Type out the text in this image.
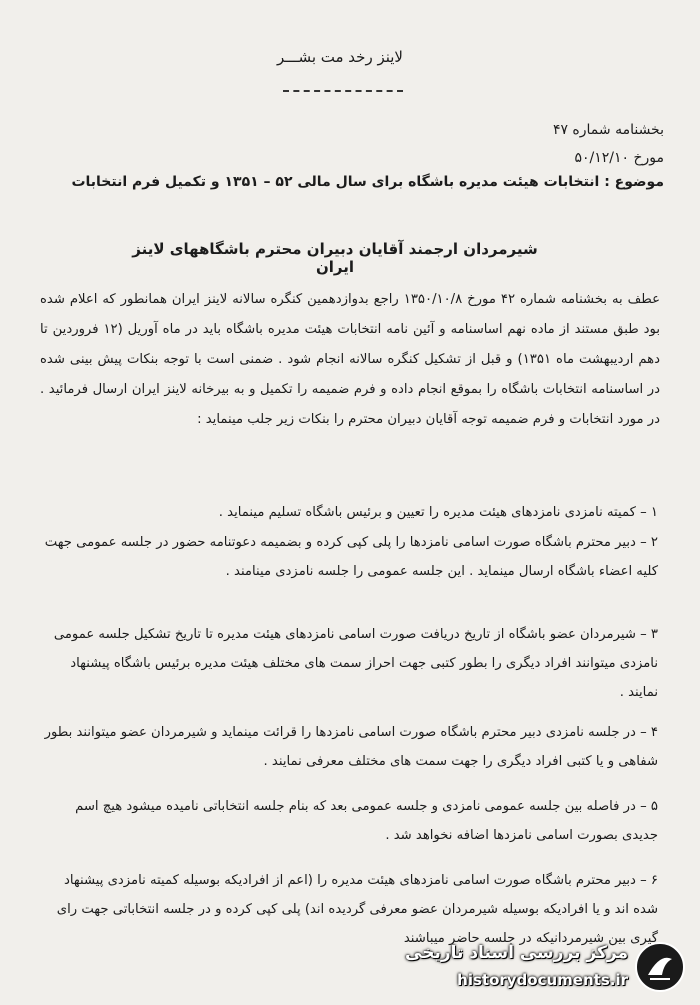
لاینز رخد مت بشـــر
بخشنامه شماره ۴۷
مورخ ۵۰/۱۲/۱۰
موضوع : انتخابات هیئت مدیره باشگاه برای سال مالی ۵۲ – ۱۳۵۱ و تکمیل فرم انتخابات
شیرمردان ارجمند آقایان دبیران محترم باشگاههای لاینز ایران

عطف به بخشنامه شماره ۴۲ مورخ ۱۳۵۰/۱۰/۸ راجع بدوازدهمین کنگره سالانه لاینز ایران همانطور که اعلام شده بود طبق مستند از ماده نهم اساسنامه و آئین نامه انتخابات هیئت مدیره باشگاه باید در ماه آوریل (۱۲ فروردین تا دهم اردیبهشت ماه ۱۳۵۱) و قبل از تشکیل کنگره سالانه انجام شود . ضمنی است با توجه بنکات پیش بینی شده در اساسنامه انتخابات باشگاه را بموقع انجام داده و فرم ضمیمه را تکمیل و به بیرخانه لاینز ایران ارسال فرمائید . در مورد انتخابات و فرم ضمیمه توجه آقایان دبیران محترم را بنکات زیر جلب مینماید :

۱ – کمیته نامزدی نامزدهای هیئت مدیره را تعیین و برئیس باشگاه تسلیم مینماید .

۲ – دبیر محترم باشگاه صورت اسامی نامزدها را پلی کپی کرده و بضمیمه دعوتنامه حضور در جلسه عمومی جهت کلیه اعضاء باشگاه ارسال مینماید . این جلسه عمومی را جلسه نامزدی مینامند .

۳ – شیرمردان عضو باشگاه از تاریخ دریافت صورت اسامی نامزدهای هیئت مدیره تا تاریخ تشکیل جلسه عمومی نامزدی میتوانند افراد دیگری را بطور کتبی جهت احراز سمت های مختلف هیئت مدیره برئیس باشگاه پیشنهاد نمایند .

۴ – در جلسه نامزدی دبیر محترم باشگاه صورت اسامی نامزدها را قرائت مینماید و شیرمردان عضو میتوانند بطور شفاهی و یا کتبی افراد دیگری را جهت سمت های مختلف معرفی نمایند .

۵ – در فاصله بین جلسه عمومی نامزدی و جلسه عمومی بعد که بنام جلسه انتخاباتی نامیده میشود هیچ اسم جدیدی بصورت اسامی نامزدها اضافه نخواهد شد .

۶ – دبیر محترم باشگاه صورت اسامی نامزدهای هیئت مدیره را (اعم از افرادیکه بوسیله کمیته نامزدی پیشنهاد شده اند و یا افرادیکه بوسیله شیرمردان عضو معرفی گردیده اند) پلی کپی کرده و در جلسه انتخاباتی جهت رای گیری بین شیرمردانیکه در جلسه حاضر میباشند

مرکز بررسی اسناد تاریخی
historydocuments.ir
